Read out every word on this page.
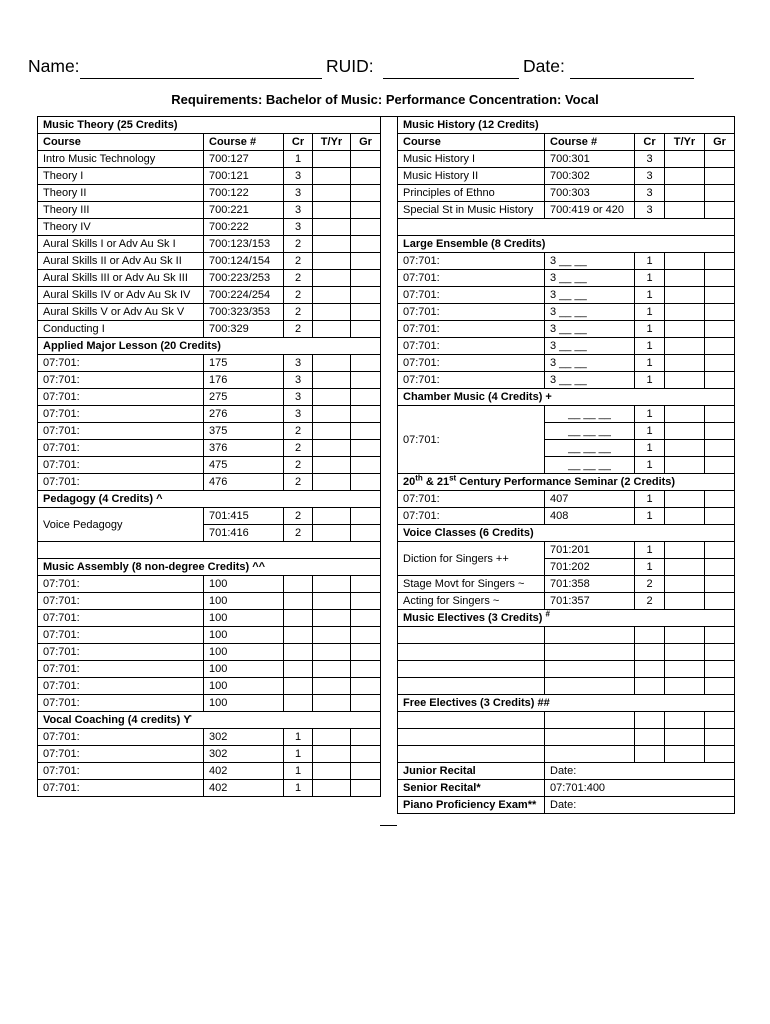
Name:	RUID:	Date:
Requirements: Bachelor of Music: Performance Concentration: Vocal
Music Theory (25 Credits)				
Course	Course #	Cr	T/Yr	Gr
Intro Music Technology	700:127	1		
Theory I	700:121	3		
Theory II	700:122	3		
Theory III	700:221	3		
Theory IV	700:222	3		
Aural Skills I or Adv Au Sk I	700:123/153	2		
Aural Skills II or Adv Au Sk II	700:124/154	2		
Aural Skills III or Adv Au Sk III	700:223/253	2		
Aural Skills IV or Adv Au Sk IV	700:224/254	2		
Aural Skills V or Adv Au Sk V	700:323/353	2		
Conducting I	700:329	2		
Applied Major Lesson (20 Credits)				
07:701:	175	3		
07:701:	176	3		
07:701:	275	3		
07:701:	276	3		
07:701:	375	2		
07:701:	376	2		
07:701:	475	2		
07:701:	476	2		
Pedagogy (4 Credits) ^				
Voice Pedagogy	701:415	2		
	701:416	2		

Music Assembly (8 non-degree Credits) ^^				
07:701:	100			
07:701:	100			
07:701:	100			
07:701:	100			
07:701:	100			
07:701:	100			
07:701:	100			
07:701:	100			
Vocal Coaching (4 credits) ϒ				
07:701:	302	1		
07:701:	302	1		
07:701:	402	1		
07:701:	402	1		
Music History (12 Credits)				
Course	Course #	Cr	T/Yr	Gr
Music History I	700:301	3		
Music History II	700:302	3		
Principles of Ethno	700:303	3		
Special St in Music History	700:419 or 420	3		

Large Ensemble (8 Credits)				
07:701:	3 __ __	1		
07:701:	3 __ __	1		
07:701:	3 __ __	1		
07:701:	3 __ __	1		
07:701:	3 __ __	1		
07:701:	3 __ __	1		
07:701:	3 __ __	1		
07:701:	3 __ __	1		
Chamber Music (4 Credits) +				
07:701:	__ __ __	1		
	__ __ __	1		
	__ __ __	1		
	__ __ __	1		
20th & 21st Century Performance Seminar (2 Credits)				
07:701:	407	1		
07:701:	408	1		
Voice Classes (6 Credits)				
Diction for Singers ++	701:201	1		
	701:202	1		
Stage Movt for Singers ~	701:358	2		
Acting for Singers ~	701:357	2		
Music Electives (3 Credits) #

Free Electives (3 Credits) ##				

Junior Recital	Date:			
Senior Recital*	07:701:400			
Piano Proficiency Exam**	Date:			
